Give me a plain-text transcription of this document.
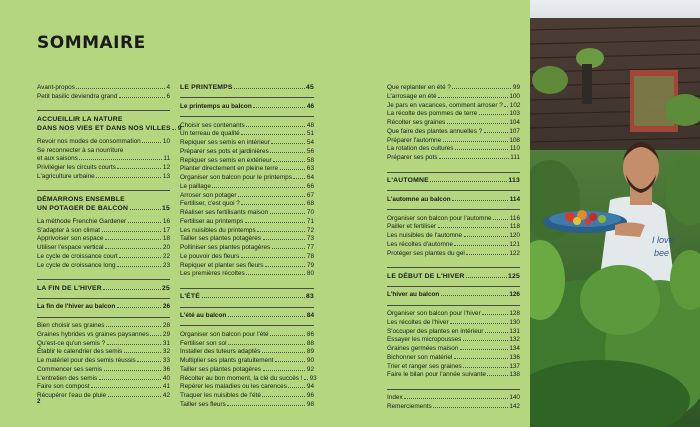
SOMMAIRE
Avant-propos	4
Petit basilic deviendra grand	6
ACCUEILLIR LA NATURE
DANS NOS VIES ET DANS NOS VILLES 9
Revoir nos modes de consommation	10
Se reconnecter à sa nourriture
et aux saisons	11
Privilégier les circuits courts	12
L'agriculture urbaine	13
DÉMARRONS ENSEMBLE
UN POTAGER DE BALCON	15
La méthode Frenchie Gardener	16
S'adapter à son climat	17
Apprivoiser son espace	18
Utiliser l'espace vertical	20
Le cycle de croissance court	22
Le cycle de croissance long	23
LA FIN DE L'HIVER	25
La fin de l'hiver au balcon	26
Bien choisir ses graines	28
Graines hybrides vs graines paysannes 29
Qu'est-ce qu'un semis ?	31
Établir le calendrier des semis	32
Le matériel pour des semis réussis	33
Commencer ses semis	36
L'entretien des semis	40
Faire son compost	41
Récupérer l'eau de pluie	42
LE PRINTEMPS	45
Le printemps au balcon	46
Choisir ses contenants	48
Un terreau de qualité	51
Repiquer ses semis en intérieur	54
Préparer ses pots et jardinières	56
Repiquer ses semis en extérieur	58
Planter directement en pleine terre	63
Organiser son balcon pour le printemps 64
Le paillage	66
Arroser son potager	67
Fertiliser, c'est quoi ?	68
Réaliser ses fertilisants maison	70
Fertiliser au printemps	71
Les nuisibles du printemps	72
Tailler ses plantes potagères	73
Polliniser ses plantes potagères	77
Le pouvoir des fleurs	78
Repiquer et planter ses fleurs	79
Les premières récoltes	80
L'ÉTÉ	83
L'été au balcon	84
Organiser son balcon pour l'été	86
Fertiliser son sol	88
Installer des tuteurs adaptés	89
Multiplier ses plants gratuitement	90
Tailler ses plantes potagères	92
Récolter au bon moment, la clé du succès ! 93
Repérer les maladies ou les carences	94
Traquer les nuisibles de l'été	96
Tailler ses fleurs	98
Que replanter en été ?	99
L'arrosage en été	100
Je pars en vacances, comment arroser ? 102
La récolte des pommes de terre	103
Récolter ses graines	104
Que faire des plantes annuelles ?	107
Préparer l'automne	108
La rotation des cultures	110
Préparer ses pots	111
L'AUTOMNE	113
L'automne au balcon	114
Organiser son balcon pour l'automne	116
Pailler et fertiliser	118
Les nuisibles de l'automne	120
Les récoltes d'automne	121
Protéger ses plantes du gel	122
LE DÉBUT DE L'HIVER	125
L'hiver au balcon	126
Organiser son balcon pour l'hiver	128
Les récoltes de l'hiver	130
S'occuper des plantes en intérieur	131
Essayer les micropousses	132
Graines germées maison	134
Bichonner son matériel	136
Trier et ranger ses graines	137
Faire le bilan pour l'année suivante	138
Index	140
Remerciements	142
2
I love
bee
